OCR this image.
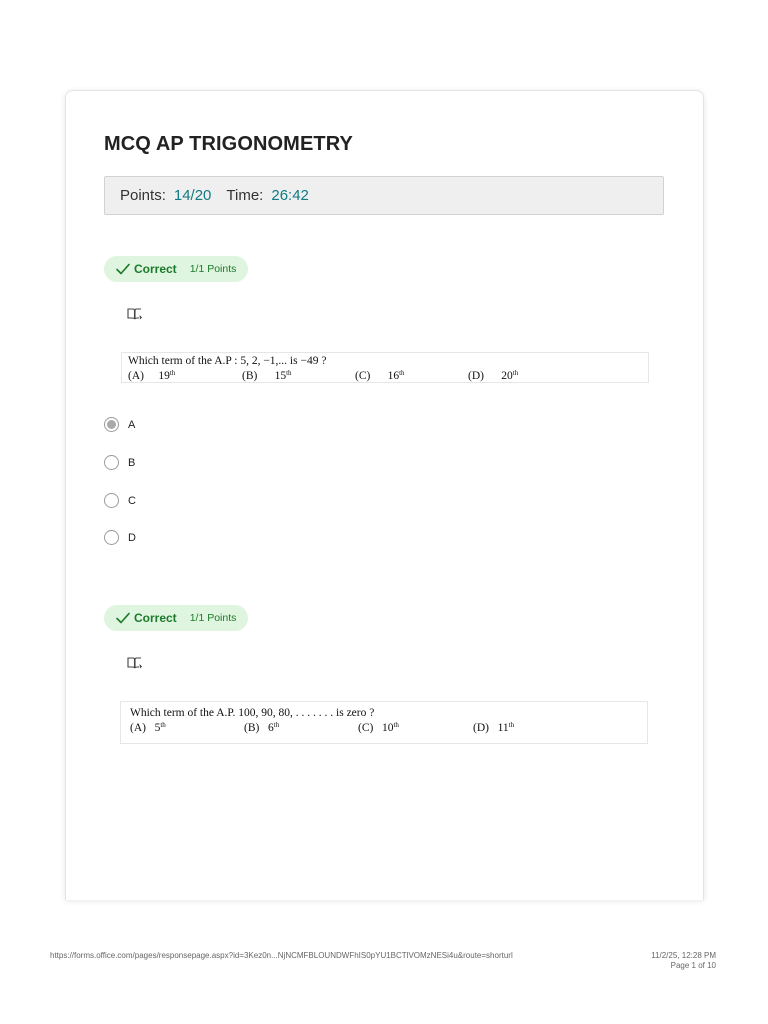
MCQ AP TRIGONOMETRY
Points: 14/20 Time: 26:42
Correct 1/1 Points
Which term of the A.P : 5, 2, −1,... is −49 ?
(A) 19th	(B) 15th	(C) 16th	(D) 20th
A
B
C
D
Correct 1/1 Points
Which term of the A.P. 100, 90, 80, . . . . . . . is zero ?
(A) 5th	(B) 6th	(C) 10th	(D) 11th
https://forms.office.com/pages/responsepage.aspx?id=3Kez0n...NjNCMFBLOUNDWFhIS0pYU1BCTlVOMzNESi4u&route=shorturl	11/2/25, 12:28 PM
Page 1 of 10
